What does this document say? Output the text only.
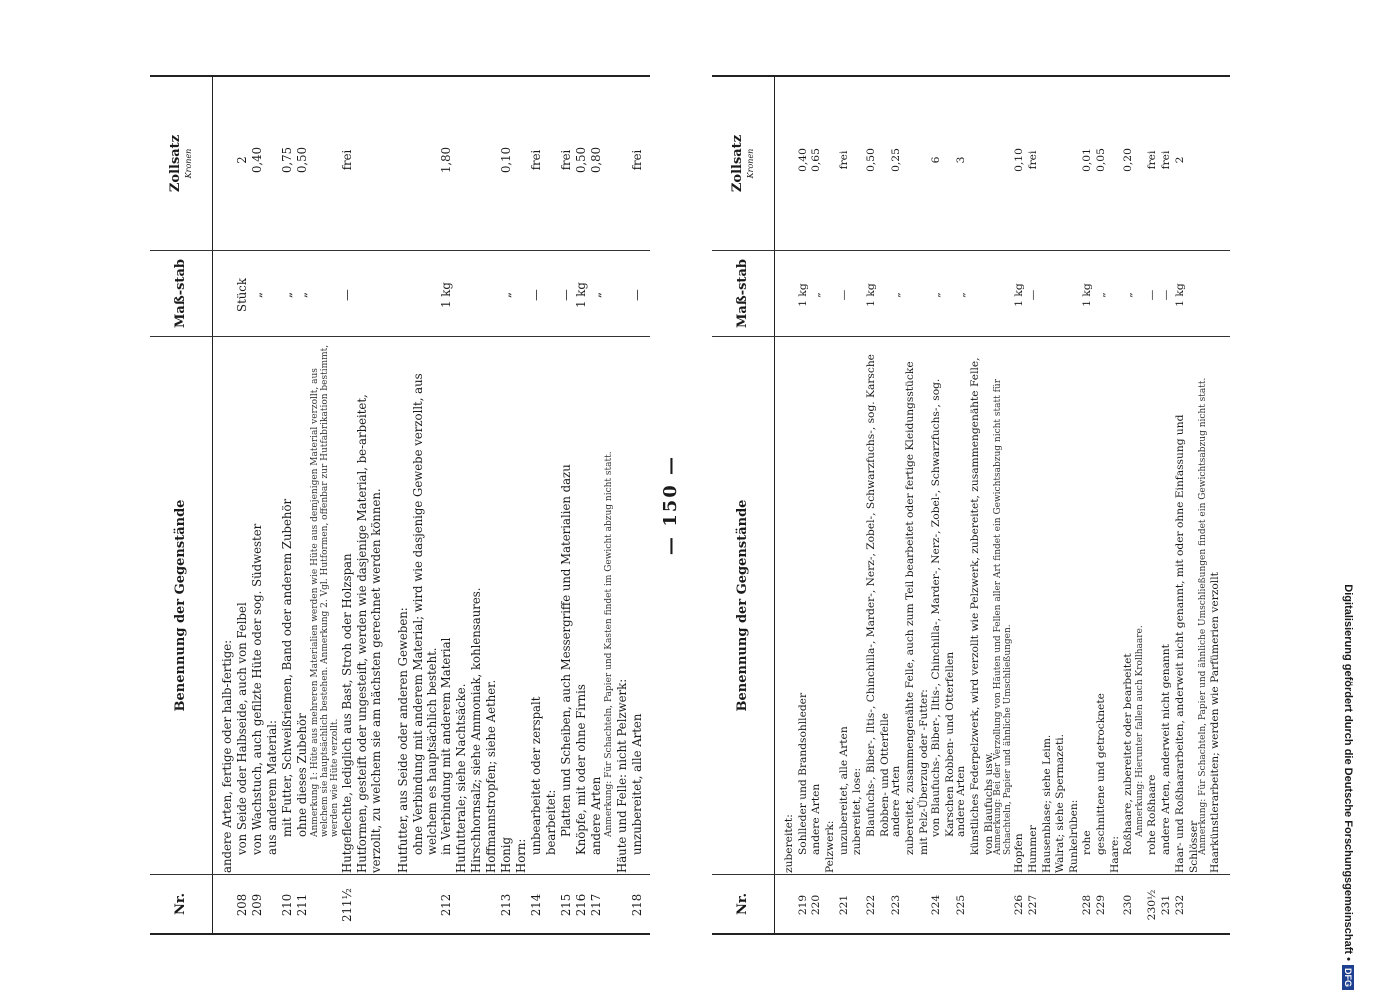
Nr.
Benennung der Gegenstände
Maß-stab
Zollsatz Kronen
andere Arten, fertige oder halb-fertige:
208
von Seide oder Halbseide, auch von Felbel
Stück
2
209
von Wachstuch, auch gefilzte Hüte oder sog. Südwester
„
0,40
aus anderem Material:
210
mit Futter, Schweißriemen, Band oder anderem Zubehör
„
0,75
211
ohne dieses Zubehör
„
0,50
Anmerkung 1: Hüte aus mehreren Materialien werden wie Hüte aus demjenigen Material verzollt, aus welchem sie hauptsächlich bestehen. Anmerkung 2. Vgl. Hutformen, offenbar zur Hutfabrikation bestimmt, werden wie Hüte verzollt.
211½
Hutgeflechte, lediglich aus Bast, Stroh oder Holzspan
—
frei
Hutformen, gesteift oder ungesteift, werden wie dasjenige Material, be-arbeitet, verzollt, zu welchem sie am nächsten gerechnet werden können. Hutfutter, aus Seide oder anderen Geweben: ohne Verbindung mit anderem Material; wird wie dasjenige Gewebe verzollt, aus welchem es hauptsächlich besteht.
212
in Verbindung mit anderem Material
1 kg
1,80
Hutfutterale; siehe Nachtsäcke. Hirschhornsalz; siehe Ammoniak, kohlensaures. Hoffmannstropfen; siehe Aether.
213
Honig
„
0,10
Horn:
214
unbearbeitet oder zerspalt
—
frei
bearbeitet:
215
Platten und Scheiben, auch Messergriffe und Materialien dazu
—
frei
216
Knöpfe, mit oder ohne Firnis
1 kg
0,50
217
andere Arten
„
0,80
Anmerkung: Für Schachteln, Papier und Kasten findet im Gewicht abzug nicht statt. Häute und Felle: nicht Pelzwerk:
218
unzubereitet, alle Arten
—
frei
— 150 —
Nr.
Benennung der Gegenstände
Maß-stab
Zollsatz Kronen
zubereitet:
219
Sohlleder und Brandsohlleder
1 kg
0,40
220
andere Arten
„
0,65
Pelzwerk:
221
unzubereitet, alle Arten
—
frei
zubereitet, lose:
222
Blaufuchs-, Biber-, Iltis-, Chinchilla-, Marder-, Nerz-, Zobel-, Schwarzfuchs-, sog. Karsche Robben- und Otterfelle
1 kg
0,50
223
andere Arten
„
0,25
zubereitet, zusammengenähte Felle, auch zum Teil bearbeitet oder fertige Kleidungsstücke mit Pelz-Überzug oder -Futter:
224
von Blaufuchs-, Biber-, Iltis-, Chinchilla-, Marder-, Nerz-, Zobel-, Schwarzfuchs-, sog. Karschen Robben- und Otterfellen
„
6
225
andere Arten
„
3
künstliches Federpelzwerk, wird verzollt wie Pelzwerk, zubereitet, zusammengenähte Felle, von Blaufuchs usw.
Anmerkung: Bei der Verzollung von Häuten und Fellen aller Art findet ein Gewichtsabzug nicht statt für Schachteln, Papier und ähnliche Umschließungen.
226
Hopfen
1 kg
0,10
227
Hummer
—
frei
Hausenblase; siehe Leim. Walrat; siehe Spermazeti. Runkelrüben:
228
rohe
1 kg
0,01
229
geschnittene und getrocknete
„
0,05
Haare:
230
Roßhaare, zubereitet oder bearbeitet
„
0,20
Anmerkung: Hierunter fallen auch Krollhaare.
230½
rohe Roßhaare
—
frei
231
andere Arten, anderweit nicht genannt
—
frei
232
Haar- und Roßhaararbeiten, anderweit nicht genannt, mit oder ohne Einfassung und Schlösser
1 kg
2
Anmerkung: Für Schachteln, Papier und ähnliche Umschließungen findet ein Gewichtsabzug nicht statt. Haarkünstlerarbeiten; werden wie Parfümerien verzollt	Digitalisierung gefördert durch die Deutsche Forschungsgemeinschaft •
DFG
